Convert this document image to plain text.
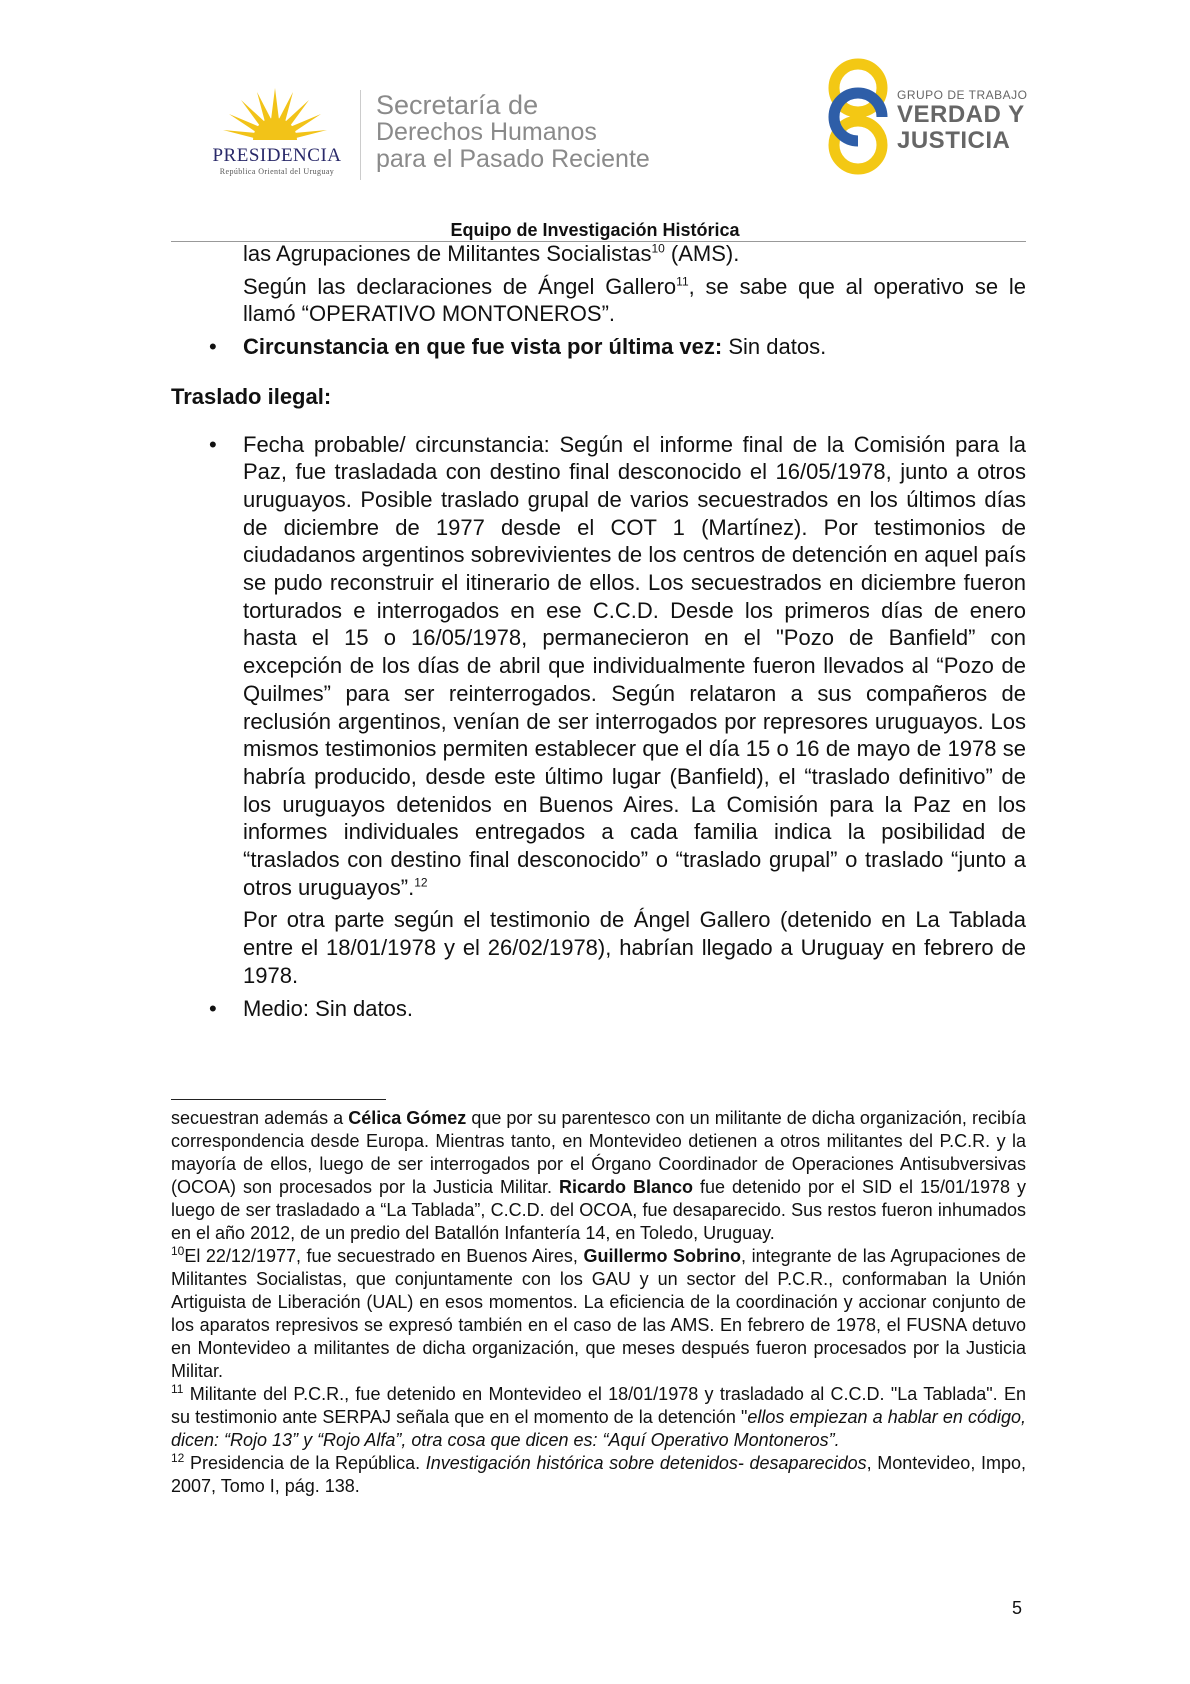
PRESIDENCIA
República Oriental del Uruguay
Secretaría de
Derechos Humanos
para el Pasado Reciente
GRUPO DE TRABAJO
VERDAD Y
JUSTICIA
Equipo de Investigación Histórica

las Agrupaciones de Militantes Socialistas$^{10}$ (AMS).

Según las declaraciones de Ángel Gallero$^{11}$, se sabe que al operativo se le llamó “OPERATIVO MONTONEROS”.

• Circunstancia en que fue vista por última vez: Sin datos.

Traslado ilegal:

• Fecha probable/ circunstancia: Según el informe final de la Comisión para la Paz, fue trasladada con destino final desconocido el 16/05/1978, junto a otros uruguayos. Posible traslado grupal de varios secuestrados en los últimos días de diciembre de 1977 desde el COT 1 (Martínez). Por testimonios de ciudadanos argentinos sobrevivientes de los centros de detención en aquel país se pudo reconstruir el itinerario de ellos. Los secuestrados en diciembre fueron torturados e interrogados en ese C.C.D. Desde los primeros días de enero hasta el 15 o 16/05/1978, permanecieron en el "Pozo de Banfield” con excepción de los días de abril que individualmente fueron llevados al “Pozo de Quilmes” para ser reinterrogados. Según relataron a sus compañeros de reclusión argentinos, venían de ser interrogados por represores uruguayos. Los mismos testimonios permiten establecer que el día 15 o 16 de mayo de 1978 se habría producido, desde este último lugar (Banfield), el “traslado definitivo” de los uruguayos detenidos en Buenos Aires. La Comisión para la Paz en los informes individuales entregados a cada familia indica la posibilidad de “traslados con destino final desconocido” o “traslado grupal” o traslado “junto a otros uruguayos”.$^{12}$

Por otra parte según el testimonio de Ángel Gallero (detenido en La Tablada entre el 18/01/1978 y el 26/02/1978), habrían llegado a Uruguay en febrero de 1978.

• Medio: Sin datos.

secuestran además a Célica Gómez que por su parentesco con un militante de dicha organización, recibía correspondencia desde Europa. Mientras tanto, en Montevideo detienen a otros militantes del P.C.R. y la mayoría de ellos, luego de ser interrogados por el Órgano Coordinador de Operaciones Antisubversivas (OCOA) son procesados por la Justicia Militar. Ricardo Blanco fue detenido por el SID el 15/01/1978 y luego de ser trasladado a “La Tablada”, C.C.D. del OCOA, fue desaparecido. Sus restos fueron inhumados en el año 2012, de un predio del Batallón Infantería 14, en Toledo, Uruguay.

$^{10}$El 22/12/1977, fue secuestrado en Buenos Aires, Guillermo Sobrino, integrante de las Agrupaciones de Militantes Socialistas, que conjuntamente con los GAU y un sector del P.C.R., conformaban la Unión Artiguista de Liberación (UAL) en esos momentos. La eficiencia de la coordinación y accionar conjunto de los aparatos represivos se expresó también en el caso de las AMS. En febrero de 1978, el FUSNA detuvo en Montevideo a militantes de dicha organización, que meses después fueron procesados por la Justicia Militar.

$^{11}$ Militante del P.C.R., fue detenido en Montevideo el 18/01/1978 y trasladado al C.C.D. "La Tablada". En su testimonio ante SERPAJ señala que en el momento de la detención "ellos empiezan a hablar en código, dicen: “Rojo 13” y “Rojo Alfa”, otra cosa que dicen es: “Aquí Operativo Montoneros”.

$^{12}$ Presidencia de la República. Investigación histórica sobre detenidos- desaparecidos, Montevideo, Impo, 2007, Tomo I, pág. 138.

5
